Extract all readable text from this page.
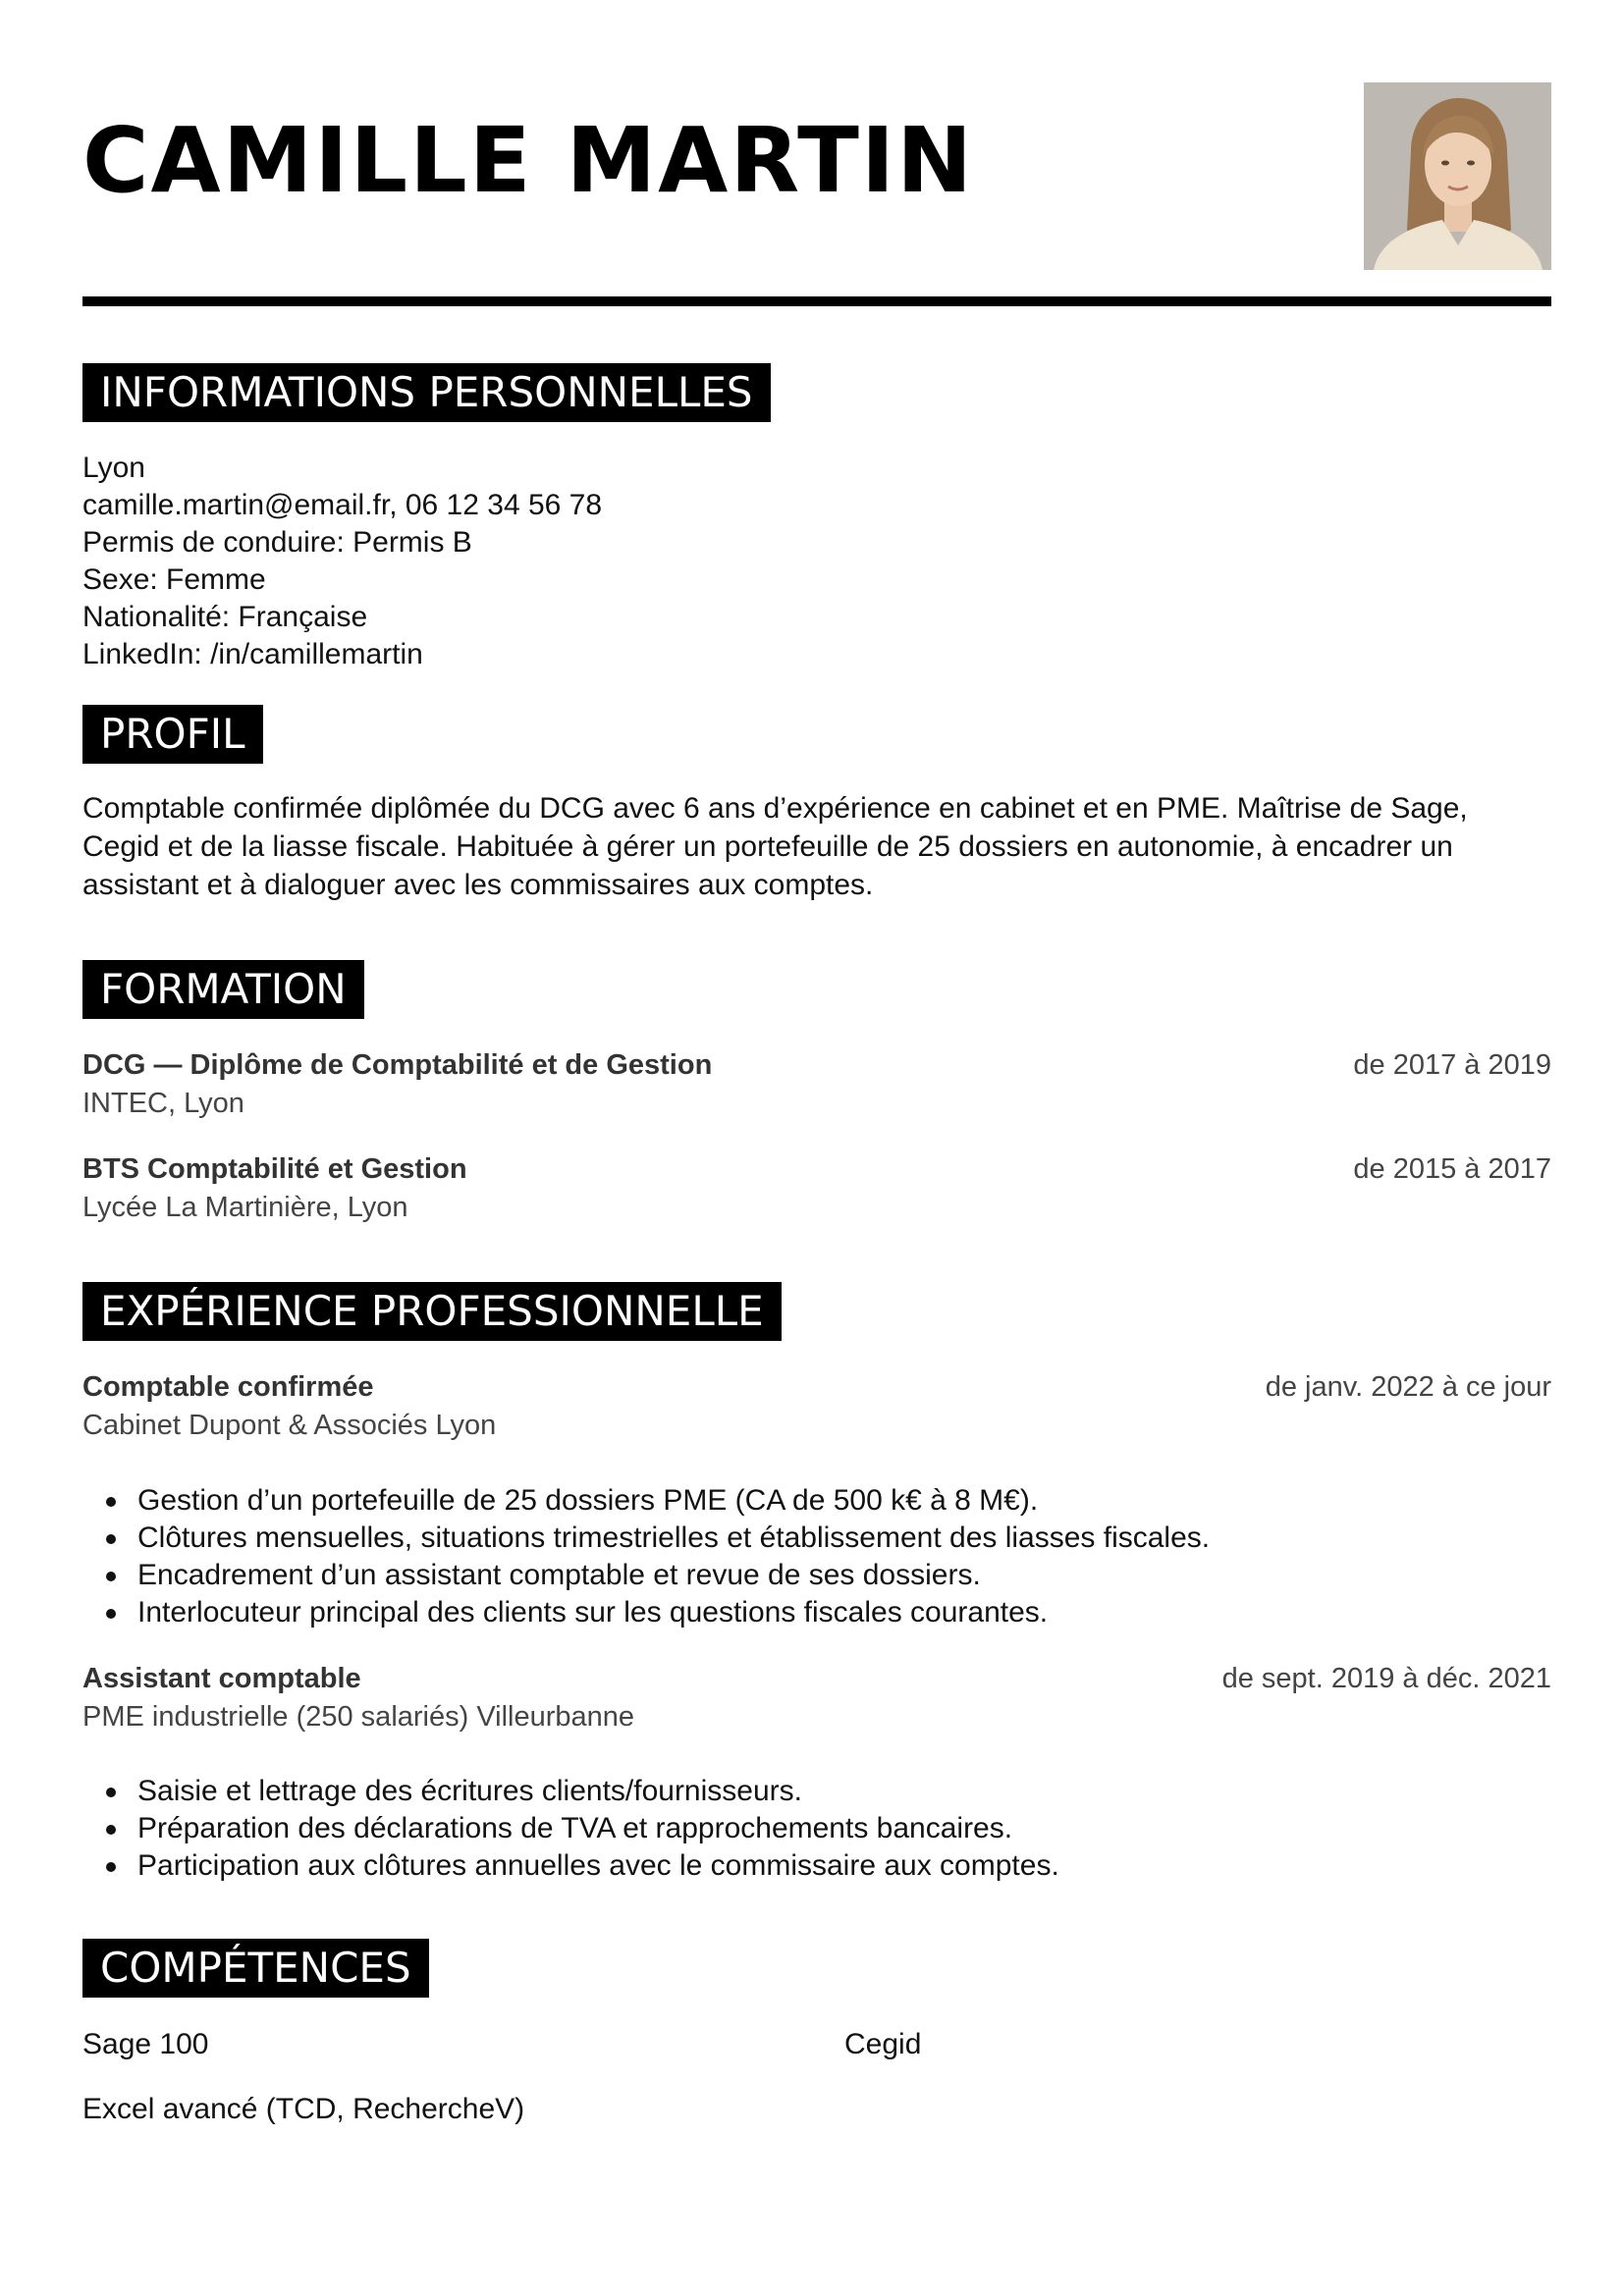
CAMILLE MARTIN
INFORMATIONS PERSONNELLES
Lyon
camille.martin@email.fr, 06 12 34 56 78
Permis de conduire: Permis B
Sexe: Femme
Nationalité: Française
LinkedIn: /in/camillemartin
PROFIL
Comptable confirmée diplômée du DCG avec 6 ans d’expérience en cabinet et en PME. Maîtrise de Sage,
Cegid et de la liasse fiscale. Habituée à gérer un portefeuille de 25 dossiers en autonomie, à encadrer un
assistant et à dialoguer avec les commissaires aux comptes.
FORMATION
DCG — Diplôme de Comptabilité et de Gestion	de 2017 à 2019
INTEC, Lyon
BTS Comptabilité et Gestion	de 2015 à 2017
Lycée La Martinière, Lyon
EXPÉRIENCE PROFESSIONNELLE
Comptable confirmée	de janv. 2022 à ce jour
Cabinet Dupont & Associés Lyon
Gestion d’un portefeuille de 25 dossiers PME (CA de 500 k€ à 8 M€).
Clôtures mensuelles, situations trimestrielles et établissement des liasses fiscales.
Encadrement d’un assistant comptable et revue de ses dossiers.
Interlocuteur principal des clients sur les questions fiscales courantes.
Assistant comptable	de sept. 2019 à déc. 2021
PME industrielle (250 salariés) Villeurbanne
Saisie et lettrage des écritures clients/fournisseurs.
Préparation des déclarations de TVA et rapprochements bancaires.
Participation aux clôtures annuelles avec le commissaire aux comptes.
COMPÉTENCES
Sage 100	Cegid
Excel avancé (TCD, RechercheV)
